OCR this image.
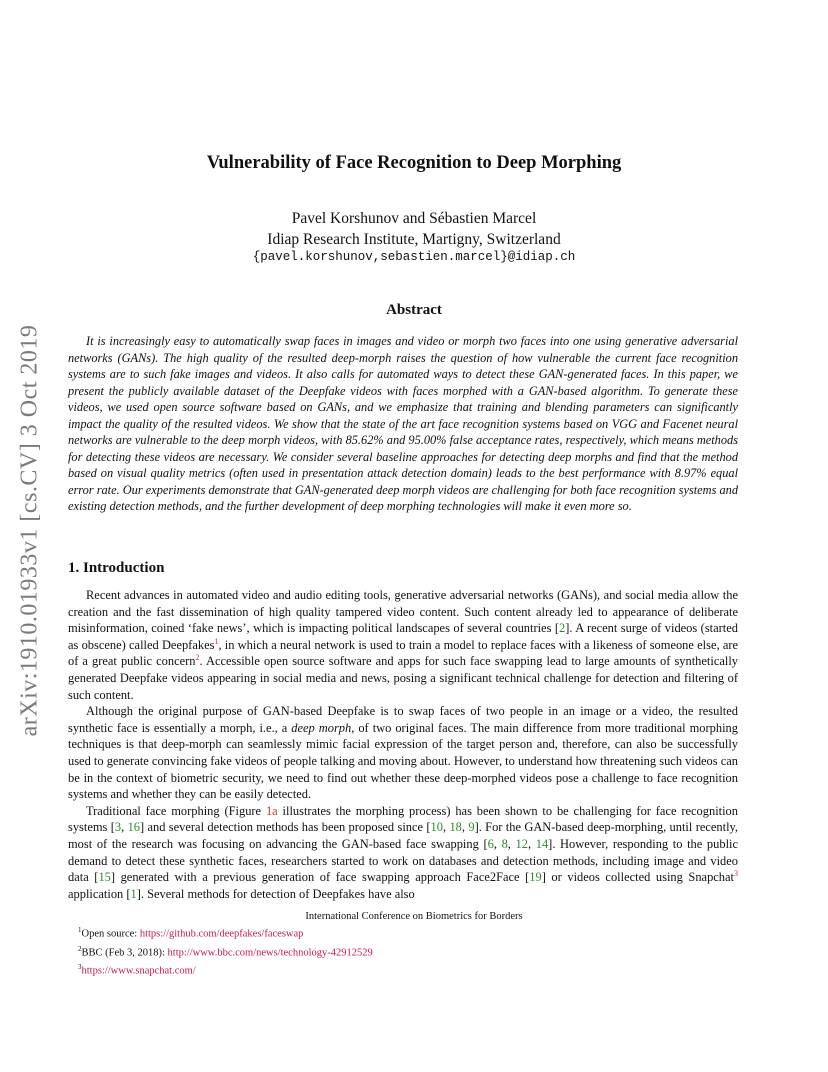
arXiv:1910.01933v1 [cs.CV] 3 Oct 2019
Vulnerability of Face Recognition to Deep Morphing
Pavel Korshunov and Sébastien Marcel
Idiap Research Institute, Martigny, Switzerland
{pavel.korshunov,sebastien.marcel}@idiap.ch
Abstract

It is increasingly easy to automatically swap faces in images and video or morph two faces into one using generative adversarial networks (GANs). The high quality of the resulted deep-morph raises the question of how vulnerable the current face recognition systems are to such fake images and videos. It also calls for automated ways to detect these GAN-generated faces. In this paper, we present the publicly available dataset of the Deepfake videos with faces morphed with a GAN-based algorithm. To generate these videos, we used open source software based on GANs, and we emphasize that training and blending parameters can significantly impact the quality of the resulted videos. We show that the state of the art face recognition systems based on VGG and Facenet neural networks are vulnerable to the deep morph videos, with 85.62% and 95.00% false acceptance rates, respectively, which means methods for detecting these videos are necessary. We consider several baseline approaches for detecting deep morphs and find that the method based on visual quality metrics (often used in presentation attack detection domain) leads to the best performance with 8.97% equal error rate. Our experiments demonstrate that GAN-generated deep morph videos are challenging for both face recognition systems and existing detection methods, and the further development of deep morphing technologies will make it even more so.

1. Introduction

Recent advances in automated video and audio editing tools, generative adversarial networks (GANs), and social media allow the creation and the fast dissemination of high quality tampered video content. Such content already led to appearance of deliberate misinformation, coined ‘fake news’, which is impacting political landscapes of several countries [2]. A recent surge of videos (started as obscene) called Deepfakes$^1$, in which a neural network is used to train a model to replace faces with a likeness of someone else, are of a great public concern$^2$. Accessible open source software and apps for such face swapping lead to large amounts of synthetically generated Deepfake videos appearing in social media and news, posing a significant technical challenge for detection and filtering of such content.

Although the original purpose of GAN-based Deepfake is to swap faces of two people in an image or a video, the resulted synthetic face is essentially a morph, i.e., a deep morph, of two original faces. The main difference from more traditional morphing techniques is that deep-morph can seamlessly mimic facial expression of the target person and, therefore, can also be successfully used to generate convincing fake videos of people talking and moving about. However, to understand how threatening such videos can be in the context of biometric security, we need to find out whether these deep-morphed videos pose a challenge to face recognition systems and whether they can be easily detected.

Traditional face morphing (Figure 1a illustrates the morphing process) has been shown to be challenging for face recognition systems [3, 16] and several detection methods has been proposed since [10, 18, 9]. For the GAN-based deep-morphing, until recently, most of the research was focusing on advancing the GAN-based face swapping [6, 8, 12, 14]. However, responding to the public demand to detect these synthetic faces, researchers started to work on databases and detection methods, including image and video data [15] generated with a previous generation of face swapping approach Face2Face [19] or videos collected using Snapchat$^3$ application [1]. Several methods for detection of Deepfakes have also

International Conference on Biometrics for Borders
$^1$Open source: https://github.com/deepfakes/faceswap
$^2$BBC (Feb 3, 2018): http://www.bbc.com/news/technology-42912529
$^3$https://www.snapchat.com/
